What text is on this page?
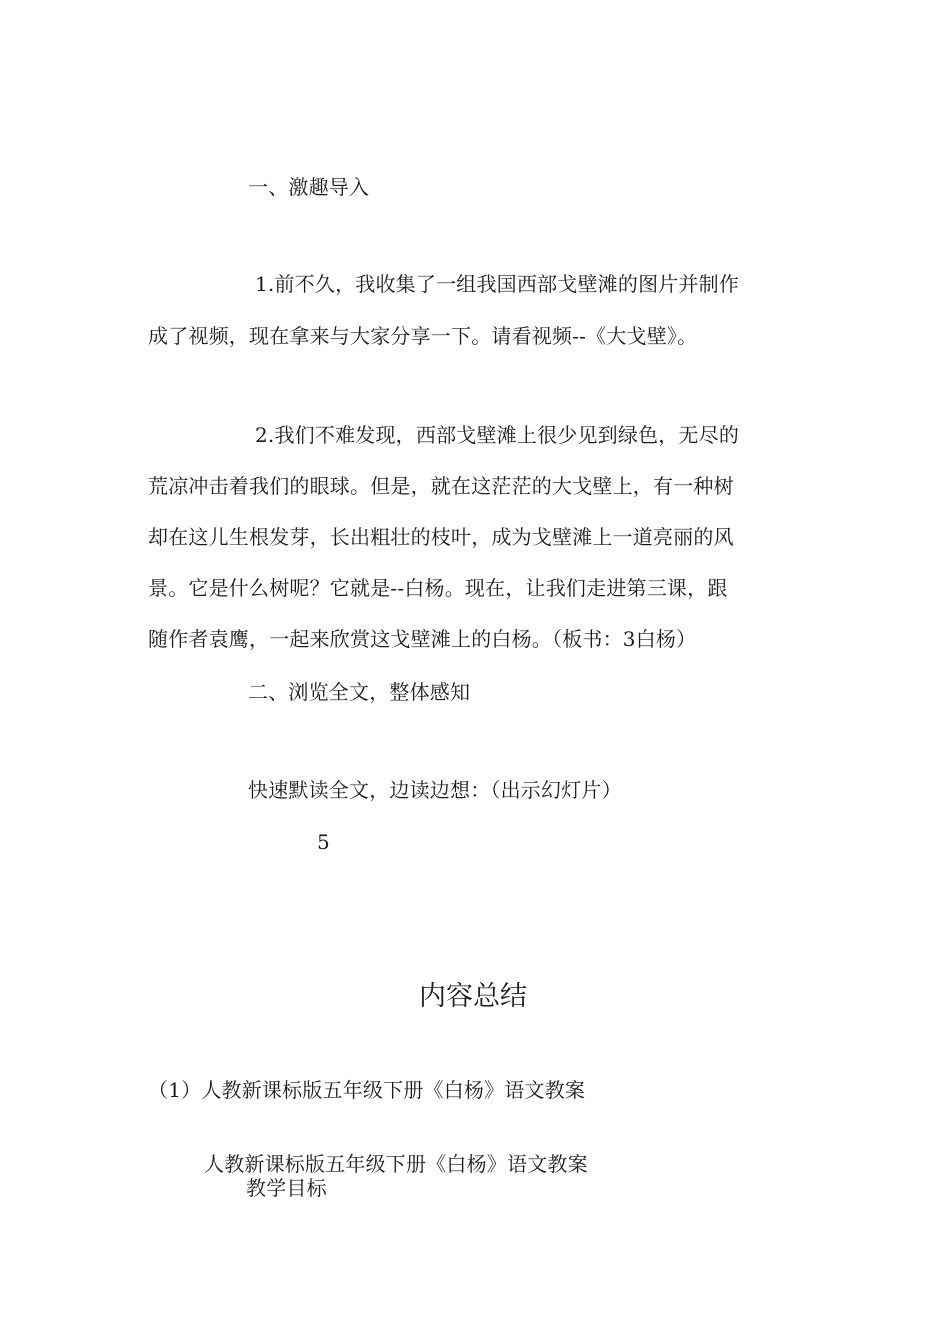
一、激趣导入
1.前不久，我收集了一组我国西部戈壁滩的图片并制作
成了视频，现在拿来与大家分享一下。请看视频--《大戈壁》。
2.我们不难发现，西部戈壁滩上很少见到绿色，无尽的
荒凉冲击着我们的眼球。但是，就在这茫茫的大戈壁上，有一种树
却在这儿生根发芽，长出粗壮的枝叶，成为戈壁滩上一道亮丽的风
景。它是什么树呢？它就是--白杨。现在，让我们走进第三课，跟
随作者袁鹰，一起来欣赏这戈壁滩上的白杨。（板书：3白杨）
二、浏览全文，整体感知
快速默读全文，边读边想：（出示幻灯片）
5
内容总结
（1）人教新课标版五年级下册《白杨》语文教案
人教新课标版五年级下册《白杨》语文教案
教学目标
